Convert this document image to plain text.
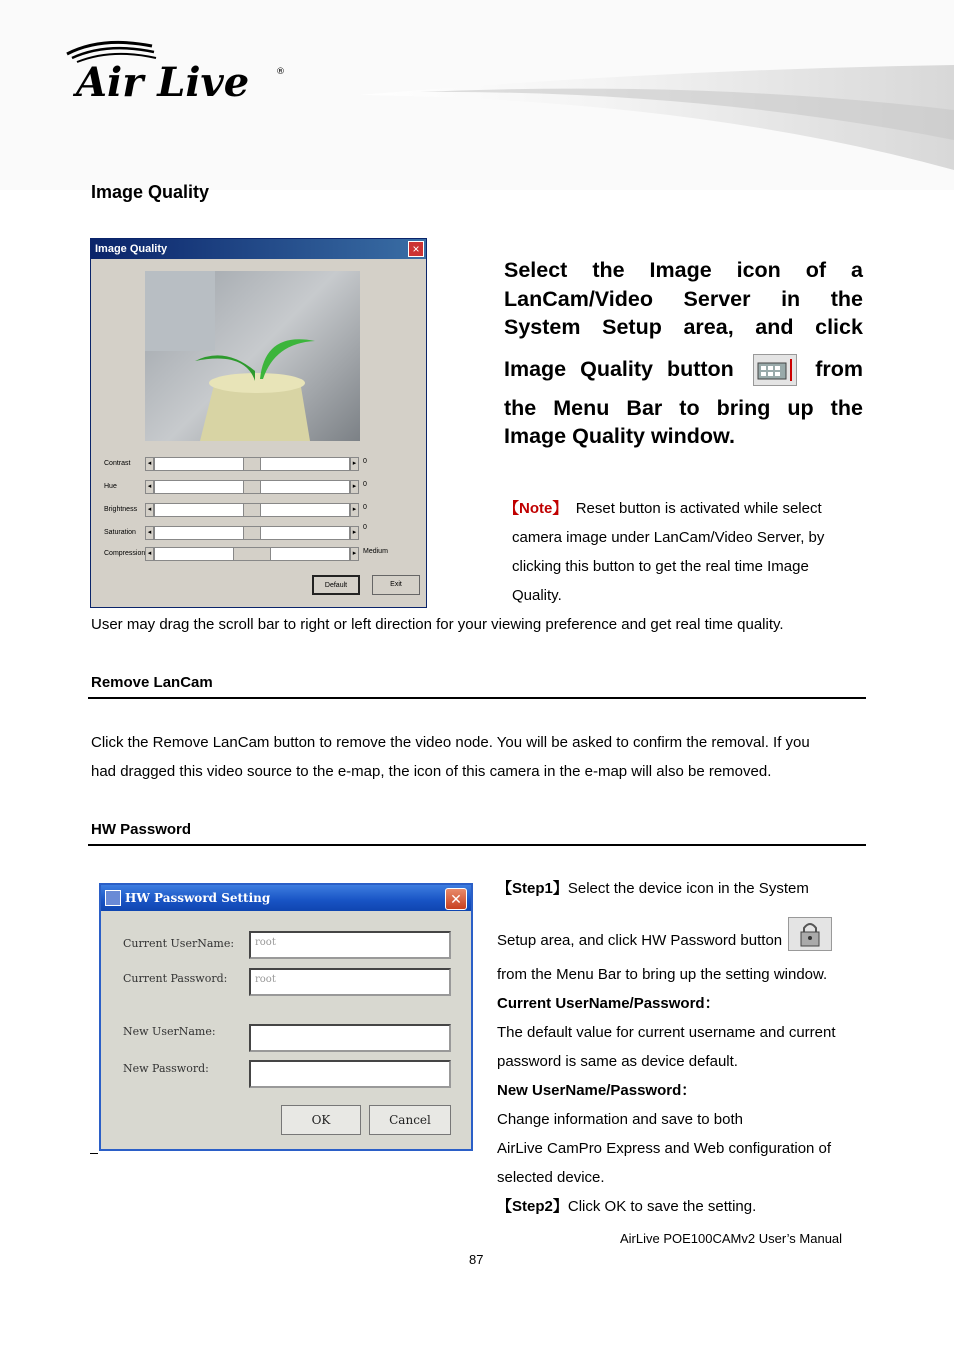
Air Live	®
Image Quality
Image Quality	×
Contrast	◂	▸ 0
Hue	◂	▸ 0
Brightness	◂	▸ 0
Saturation	◂	▸
0
Compression ◂	▸ Medium
Default	Exit
Select the Image icon of a
LanCam/Video Server in the
System Setup area, and click
Image Quality button	from
the Menu Bar to bring up the
Image Quality window.
【Note】 Reset button is activated while select
camera image under LanCam/Video Server, by
clicking this button to get the real time Image
Quality.
User may drag the scroll bar to right or left direction for your viewing preference and get real time quality.
Remove LanCam
Click the Remove LanCam button to remove the video node. You will be asked to confirm the removal. If you
had dragged this video source to the e-map, the icon of this camera in the e-map will also be removed.
HW Password
HW Password Setting	✕
Current UserName:	root
Current Password:	root
New UserName:
New Password:
OK	Cancel
【Step1】Select the device icon in the System
Setup area, and click HW Password button
from the Menu Bar to bring up the setting window.
Current UserName/Password：
The default value for current username and current
password is same as device default.
New UserName/Password：
Change information and save to both
AirLive CamPro Express and Web configuration of
selected device.
【Step2】Click OK to save the setting.
AirLive POE100CAMv2 User’s Manual
87
